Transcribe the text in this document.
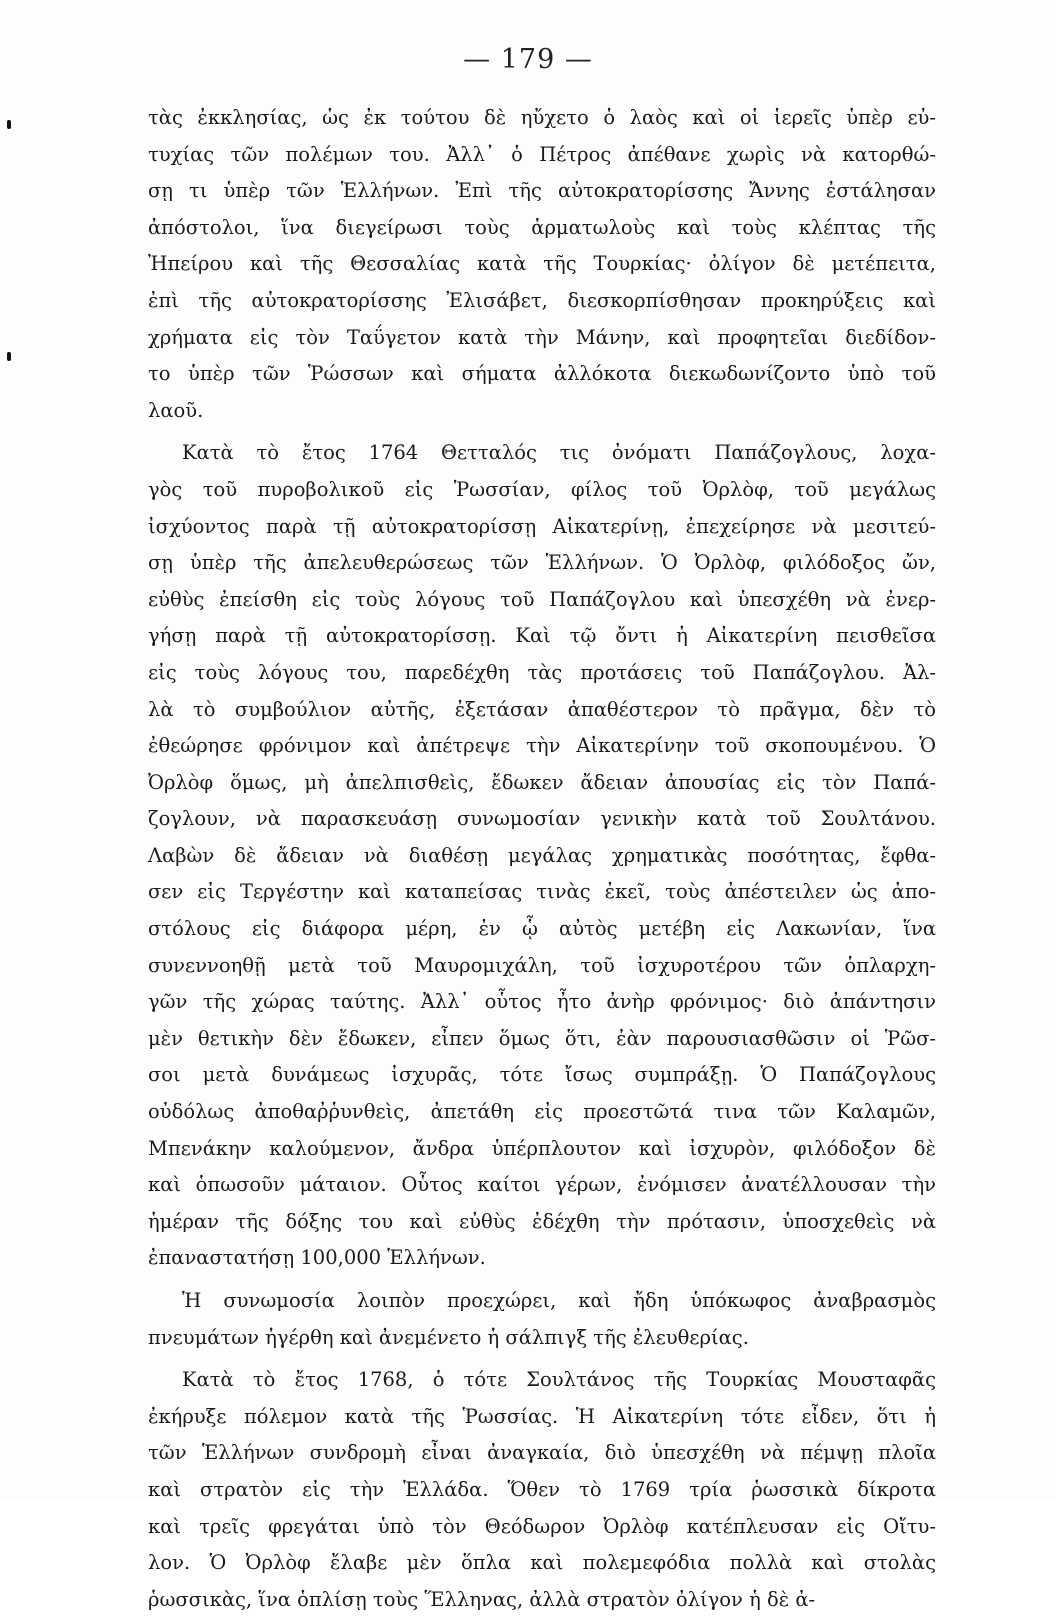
— 179 —
τὰς ἐκκλησίας, ὡς ἐκ τούτου δὲ ηὔχετο ὁ λαὸς καὶ οἱ ἱερεῖς ὑπὲρ εὐ-
τυχίας τῶν πολέμων του. Ἀλλ᾽ ὁ Πέτρος ἀπέθανε χωρὶς νὰ κατορθώ-
σῃ τι ὑπὲρ τῶν Ἑλλήνων. Ἐπὶ τῆς αὐτοκρατορίσσης Ἄννης ἐστάλησαν
ἀπόστολοι, ἵνα διεγείρωσι τοὺς ἁρματωλοὺς καὶ τοὺς κλέπτας τῆς
Ἠπείρου καὶ τῆς Θεσσαλίας κατὰ τῆς Τουρκίας· ὀλίγον δὲ μετέπειτα,
ἐπὶ τῆς αὐτοκρατορίσσης Ἐλισάβετ, διεσκορπίσθησαν προκηρύξεις καὶ
χρήματα εἰς τὸν Ταΰγετον κατὰ τὴν Μάνην, καὶ προφητεῖαι διεδίδον-
το ὑπὲρ τῶν Ῥώσσων καὶ σήματα ἀλλόκοτα διεκωδωνίζοντο ὑπὸ τοῦ
λαοῦ.
Κατὰ τὸ ἔτος 1764 Θετταλός τις ὀνόματι Παπάζογλους, λοχα-
γὸς τοῦ πυροβολικοῦ εἰς Ῥωσσίαν, φίλος τοῦ Ὀρλὸφ, τοῦ μεγάλως
ἰσχύοντος παρὰ τῇ αὐτοκρατορίσσῃ Αἰκατερίνῃ, ἐπεχείρησε νὰ μεσιτεύ-
σῃ ὑπὲρ τῆς ἀπελευθερώσεως τῶν Ἑλλήνων. Ὁ Ὀρλὸφ, φιλόδοξος ὤν,
εὐθὺς ἐπείσθη εἰς τοὺς λόγους τοῦ Παπάζογλου καὶ ὑπεσχέθη νὰ ἐνερ-
γήσῃ παρὰ τῇ αὐτοκρατορίσσῃ. Καὶ τῷ ὄντι ἡ Αἰκατερίνη πεισθεῖσα
εἰς τοὺς λόγους του, παρεδέχθη τὰς προτάσεις τοῦ Παπάζογλου. Ἀλ-
λὰ τὸ συμβούλιον αὐτῆς, ἐξετάσαν ἀπαθέστερον τὸ πρᾶγμα, δὲν τὸ
ἐθεώρησε φρόνιμον καὶ ἀπέτρεψε τὴν Αἰκατερίνην τοῦ σκοπουμένου. Ὁ
Ὀρλὸφ ὅμως, μὴ ἀπελπισθεὶς, ἔδωκεν ἄδειαν ἀπουσίας εἰς τὸν Παπά-
ζογλουν, νὰ παρασκευάσῃ συνωμοσίαν γενικὴν κατὰ τοῦ Σουλτάνου.
Λαβὼν δὲ ἄδειαν νὰ διαθέσῃ μεγάλας χρηματικὰς ποσότητας, ἔφθα-
σεν εἰς Τεργέστην καὶ καταπείσας τινὰς ἐκεῖ, τοὺς ἀπέστειλεν ὡς ἀπο-
στόλους εἰς διάφορα μέρη, ἐν ᾧ αὐτὸς μετέβη εἰς Λακωνίαν, ἵνα
συνεννοηθῇ μετὰ τοῦ Μαυρομιχάλη, τοῦ ἰσχυροτέρου τῶν ὁπλαρχη-
γῶν τῆς χώρας ταύτης. Ἀλλ᾽ οὗτος ἦτο ἀνὴρ φρόνιμος· διὸ ἀπάντησιν
μὲν θετικὴν δὲν ἔδωκεν, εἶπεν ὅμως ὅτι, ἐὰν παρουσιασθῶσιν οἱ Ῥῶσ-
σοι μετὰ δυνάμεως ἰσχυρᾶς, τότε ἴσως συμπράξῃ. Ὁ Παπάζογλους
οὐδόλως ἀποθαῤῥυνθεὶς, ἀπετάθη εἰς προεστῶτά τινα τῶν Καλαμῶν,
Μπενάκην καλούμενον, ἄνδρα ὑπέρπλουτον καὶ ἰσχυρὸν, φιλόδοξον δὲ
καὶ ὁπωσοῦν μάταιον. Οὗτος καίτοι γέρων, ἐνόμισεν ἀνατέλλουσαν τὴν
ἡμέραν τῆς δόξης του καὶ εὐθὺς ἐδέχθη τὴν πρότασιν, ὑποσχεθεὶς νὰ
ἐπαναστατήσῃ 100,000 Ἑλλήνων.
Ἡ συνωμοσία λοιπὸν προεχώρει, καὶ ἤδη ὑπόκωφος ἀναβρασμὸς
πνευμάτων ἠγέρθη καὶ ἀνεμένετο ἡ σάλπιγξ τῆς ἐλευθερίας.
Κατὰ τὸ ἔτος 1768, ὁ τότε Σουλτάνος τῆς Τουρκίας Μουσταφᾶς
ἐκήρυξε πόλεμον κατὰ τῆς Ῥωσσίας. Ἡ Αἰκατερίνη τότε εἶδεν, ὅτι ἡ
τῶν Ἑλλήνων συνδρομὴ εἶναι ἀναγκαία, διὸ ὑπεσχέθη νὰ πέμψῃ πλοῖα
καὶ στρατὸν εἰς τὴν Ἑλλάδα. Ὅθεν τὸ 1769 τρία ῥωσσικὰ δίκροτα
καὶ τρεῖς φρεγάται ὑπὸ τὸν Θεόδωρον Ὀρλὸφ κατέπλευσαν εἰς Οἴτυ-
λον. Ὁ Ὀρλὸφ ἔλαβε μὲν ὅπλα καὶ πολεμεφόδια πολλὰ καὶ στολὰς
ῥωσσικὰς, ἵνα ὁπλίσῃ τοὺς Ἕλληνας, ἀλλὰ στρατὸν ὀλίγον ἡ δὲ ἀ-
